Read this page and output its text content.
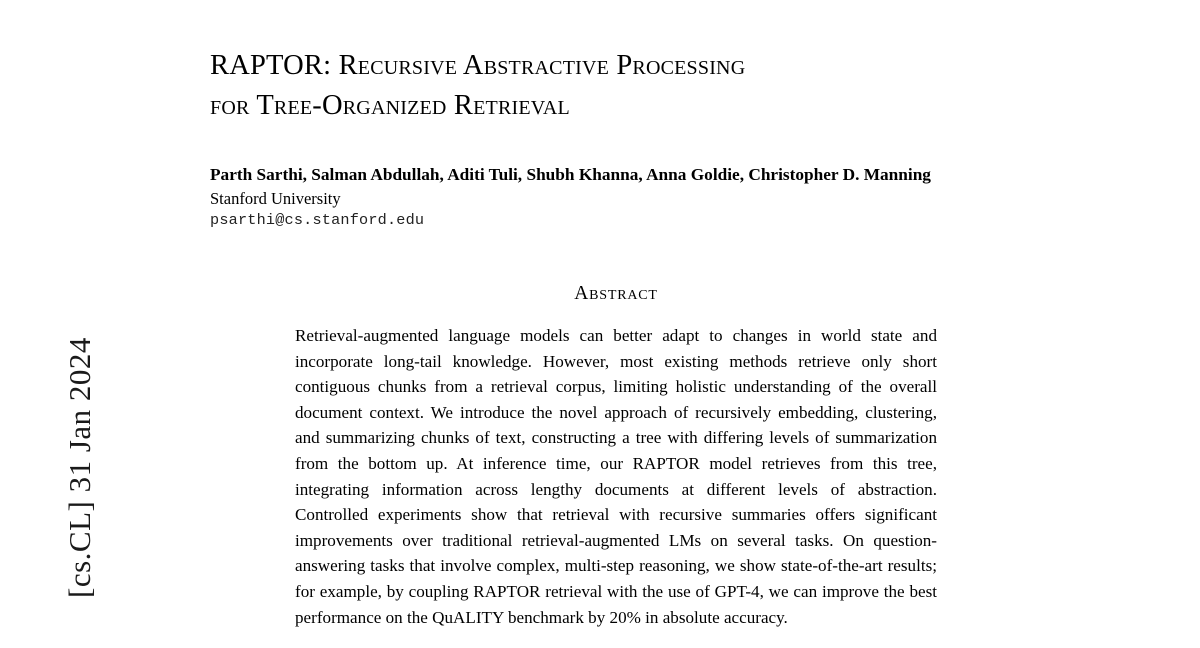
[cs.CL] 31 Jan 2024
RAPTOR: Recursive Abstractive Processing
for Tree-Organized Retrieval
Parth Sarthi, Salman Abdullah, Aditi Tuli, Shubh Khanna, Anna Goldie, Christopher D. Manning
Stanford University
psarthi@cs.stanford.edu
Abstract

Retrieval-augmented language models can better adapt to changes in world state and incorporate long-tail knowledge. However, most existing methods retrieve only short contiguous chunks from a retrieval corpus, limiting holistic understanding of the overall document context. We introduce the novel approach of recursively embedding, clustering, and summarizing chunks of text, constructing a tree with differing levels of summarization from the bottom up. At inference time, our RAPTOR model retrieves from this tree, integrating information across lengthy documents at different levels of abstraction. Controlled experiments show that retrieval with recursive summaries offers significant improvements over traditional retrieval-augmented LMs on several tasks. On question-answering tasks that involve complex, multi-step reasoning, we show state-of-the-art results; for example, by coupling RAPTOR retrieval with the use of GPT-4, we can improve the best performance on the QuALITY benchmark by 20% in absolute accuracy.
